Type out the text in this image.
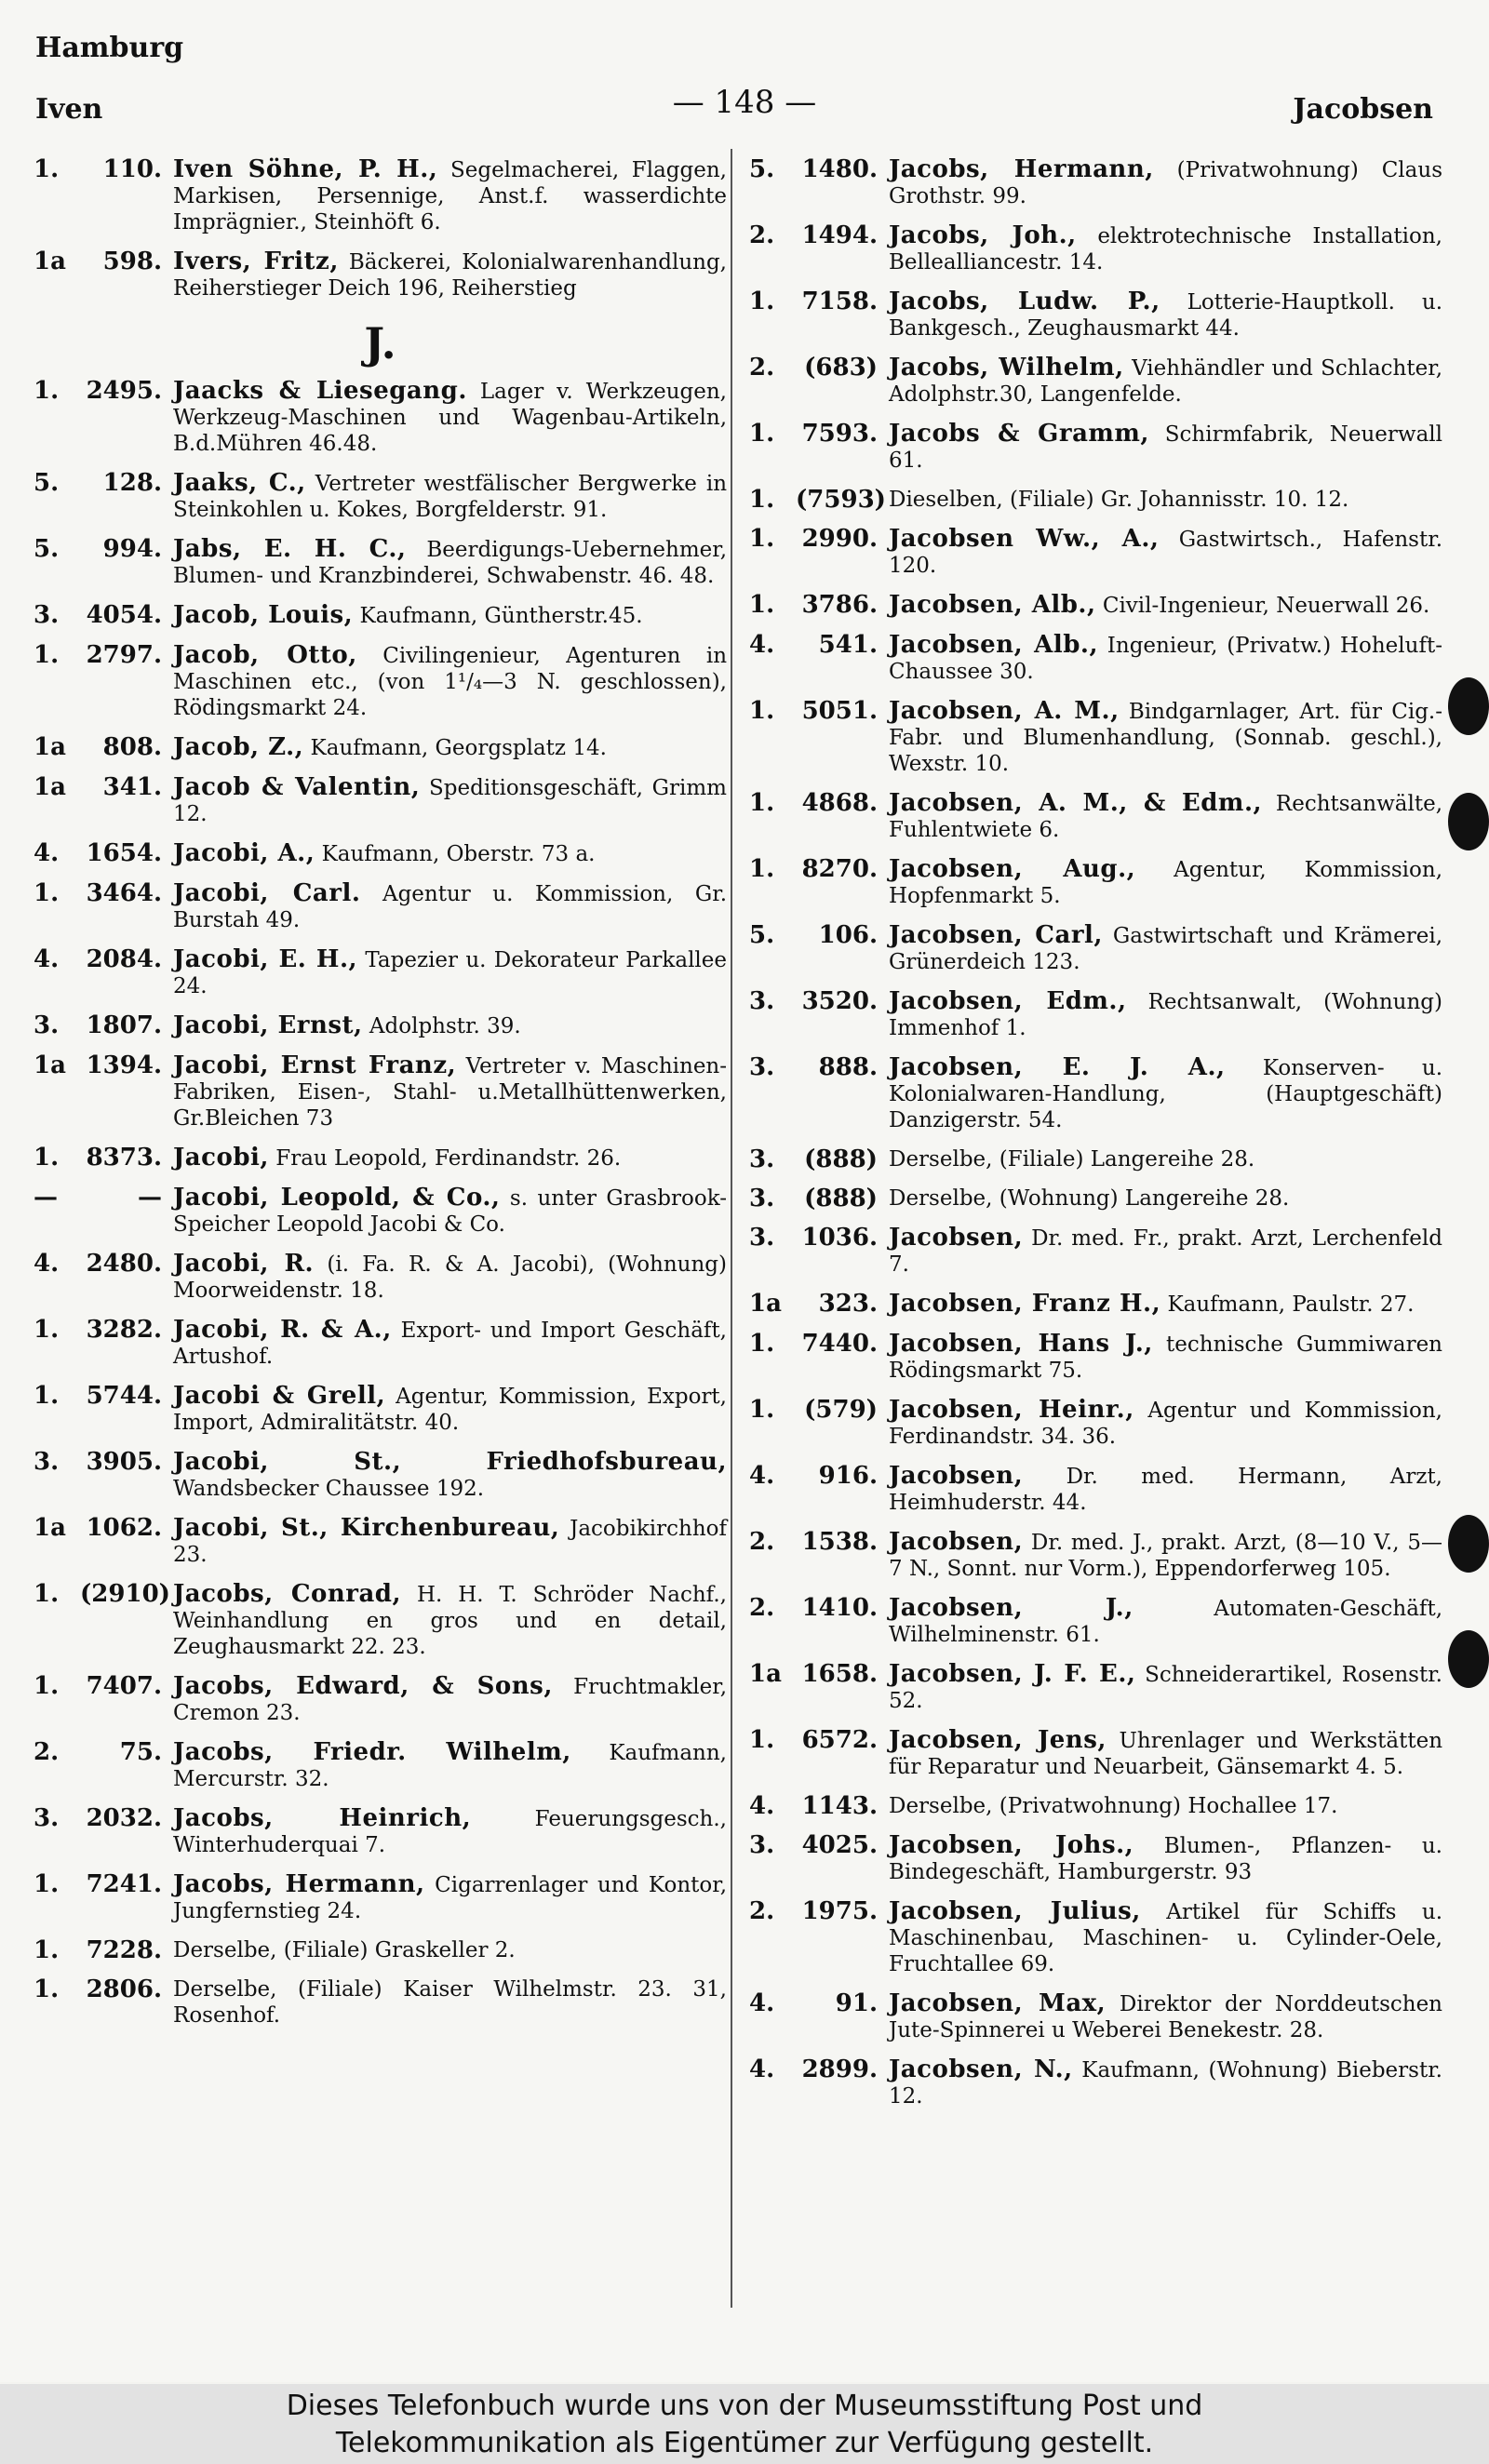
Hamburg
Iven	— 148 —	Jacobsen
1.	110. Iven Söhne, P. H., Segelmacherei, Flaggen, Markisen, Persennige, Anst.f. wasserdichte Imprägnier., Steinhöft 6.
1a	598. Ivers, Fritz, Bäckerei, Kolonialwarenhandlung, Reiherstieger Deich 196, Reiherstieg
J.
1.	2495. Jaacks & Liesegang. Lager v. Werkzeugen, Werkzeug-Maschinen und Wagenbau-Artikeln, B.d.Mühren 46.48.
5.	128. Jaaks, C., Vertreter westfälischer Bergwerke in Steinkohlen u. Kokes, Borgfelderstr. 91.
5.	994. Jabs, E. H. C., Beerdigungs-Uebernehmer, Blumen- und Kranzbinderei, Schwabenstr. 46. 48.
3.	4054. Jacob, Louis, Kaufmann, Güntherstr.45.
1.	2797. Jacob, Otto, Civilingenieur, Agenturen in Maschinen etc., (von 1¹/₄—3 N. geschlossen), Rödingsmarkt 24.
1a	808. Jacob, Z., Kaufmann, Georgsplatz 14.
1a	341. Jacob & Valentin, Speditionsgeschäft, Grimm 12.
4.	1654. Jacobi, A., Kaufmann, Oberstr. 73 a.
1.	3464. Jacobi, Carl. Agentur u. Kommission, Gr. Burstah 49.
4.	2084. Jacobi, E. H., Tapezier u. Dekorateur Parkallee 24.
3.	1807. Jacobi, Ernst, Adolphstr. 39.
1a 1394. Jacobi, Ernst Franz, Vertreter v. Maschinen-Fabriken, Eisen-, Stahl- u.Metallhüttenwerken, Gr.Bleichen 73
1.	8373. Jacobi, Frau Leopold, Ferdinandstr. 26.
—	— Jacobi, Leopold, & Co., s. unter Grasbrook-Speicher Leopold Jacobi & Co.
4.	2480. Jacobi, R. (i. Fa. R. & A. Jacobi), (Wohnung) Moorweidenstr. 18.
1.	3282. Jacobi, R. & A., Export- und Import Geschäft, Artushof.
1.	5744. Jacobi & Grell, Agentur, Kommission, Export, Import, Admiralitätstr. 40.
3.	3905. Jacobi, St., Friedhofsbureau, Wandsbecker Chaussee 192.
1a 1062. Jacobi, St., Kirchenbureau, Jacobikirchhof 23.
1. (2910) Jacobs, Conrad, H. H. T. Schröder Nachf., Weinhandlung en gros und en detail, Zeughausmarkt 22. 23.
1.	7407. Jacobs, Edward, & Sons, Fruchtmakler, Cremon 23.
2.	75. Jacobs, Friedr. Wilhelm, Kaufmann, Mercurstr. 32.
3.	2032. Jacobs, Heinrich,	Feuerungsgesch., Winterhuderquai 7.
1.	7241. Jacobs, Hermann, Cigarrenlager und Kontor, Jungfernstieg 24.
1.	7228. Derselbe, (Filiale) Graskeller 2.
1.	2806. Derselbe, (Filiale) Kaiser Wilhelmstr. 23. 31, Rosenhof.
5.	1480. Jacobs, Hermann, (Privatwohnung) Claus Grothstr. 99.
2.	1494. Jacobs, Joh., elektrotechnische Installation, Bellealliancestr. 14.
1.	7158. Jacobs, Ludw. P., Lotterie-Hauptkoll. u. Bankgesch., Zeughausmarkt 44.
2.	(683) Jacobs, Wilhelm, Viehhändler und Schlachter, Adolphstr.30, Langenfelde.
1.	7593. Jacobs & Gramm, Schirmfabrik, Neuerwall 61.
1. (7593) Dieselben, (Filiale) Gr. Johannisstr. 10. 12.
1.	2990. Jacobsen Ww., A., Gastwirtsch., Hafenstr. 120.
1.	3786. Jacobsen, Alb., Civil-Ingenieur, Neuerwall 26.
4.	541. Jacobsen, Alb., Ingenieur, (Privatw.) Hoheluft-Chaussee 30.
1.	5051. Jacobsen, A. M., Bindgarnlager, Art. für Cig.-Fabr. und Blumenhandlung, (Sonnab. geschl.), Wexstr. 10.
1.	4868. Jacobsen, A. M., & Edm., Rechtsanwälte, Fuhlentwiete 6.
1.	8270. Jacobsen, Aug., Agentur, Kommission, Hopfenmarkt 5.
5.	106. Jacobsen, Carl, Gastwirtschaft und Krämerei, Grünerdeich 123.
3.	3520. Jacobsen, Edm., Rechtsanwalt, (Wohnung) Immenhof 1.
3.	888. Jacobsen, E. J. A., Konserven- u. Kolonialwaren-Handlung, (Hauptgeschäft) Danzigerstr. 54.
3.	(888) Derselbe, (Filiale) Langereihe 28.
3.	(888) Derselbe, (Wohnung) Langereihe 28.
3.	1036. Jacobsen, Dr. med. Fr., prakt. Arzt, Lerchenfeld 7.
1a	323. Jacobsen, Franz H., Kaufmann, Paulstr. 27.
1.	7440. Jacobsen, Hans J., technische Gummiwaren Rödingsmarkt 75.
1.	(579) Jacobsen, Heinr., Agentur und Kommission, Ferdinandstr. 34. 36.
4.	916. Jacobsen, Dr. med. Hermann, Arzt, Heimhuderstr. 44.
2.	1538. Jacobsen, Dr. med. J., prakt. Arzt, (8—10 V., 5—7 N., Sonnt. nur Vorm.), Eppendorferweg 105.
2.	1410. Jacobsen, J.,	Automaten-Geschäft, Wilhelminenstr. 61.
1a 1658. Jacobsen, J. F. E., Schneiderartikel, Rosenstr. 52.
1.	6572. Jacobsen, Jens, Uhrenlager und Werkstätten für Reparatur und Neuarbeit, Gänsemarkt 4. 5.
4.	1143. Derselbe, (Privatwohnung) Hochallee 17.
3.	4025. Jacobsen, Johs., Blumen-, Pflanzen- u. Bindegeschäft, Hamburgerstr. 93
2.	1975. Jacobsen, Julius, Artikel für Schiffs u. Maschinenbau, Maschinen- u. Cylinder-Oele, Fruchtallee 69.
4.	91. Jacobsen, Max, Direktor der Norddeutschen Jute-Spinnerei u Weberei Benekestr. 28.
4.	2899. Jacobsen, N., Kaufmann, (Wohnung) Bieberstr. 12.
Dieses Telefonbuch wurde uns von der Museumsstiftung Post und
Telekommunikation als Eigentümer zur Verfügung gestellt.
